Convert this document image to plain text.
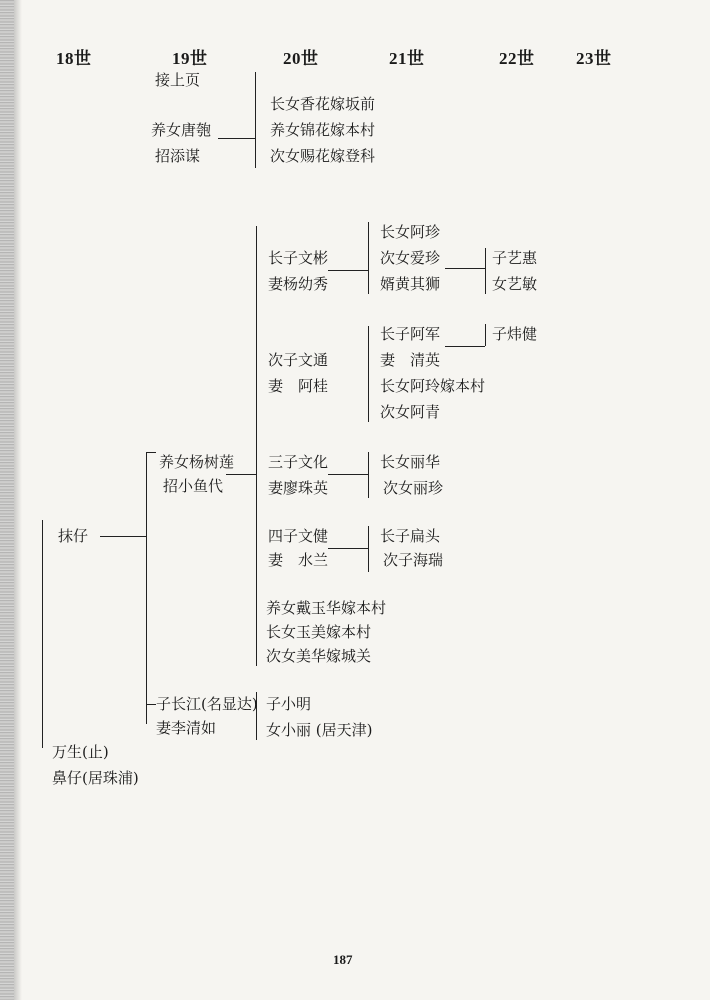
18世	19世	20世	21世	22世 23世
接上页
养女唐匏
招添谋
长女香花嫁坂前
养女锦花嫁本村
次女赐花嫁登科
抹仔
养女杨树莲
招小鱼代
长子文彬
妻杨幼秀
长女阿珍
次女爱珍
婿黄其狮
子艺惠
女艺敏
次子文通
妻　阿桂
长子阿军
妻　清英
长女阿玲嫁本村
次女阿青
子炜健
三子文化
妻廖珠英
长女丽华
次女丽珍
四子文健
妻　水兰
长子扁头
次子海瑞
养女戴玉华嫁本村
长女玉美嫁本村
次女美华嫁城关
子长江(名显达)
妻李清如
子小明
女小丽 (居天津)
万生(止)
鼻仔(居珠浦)
187
